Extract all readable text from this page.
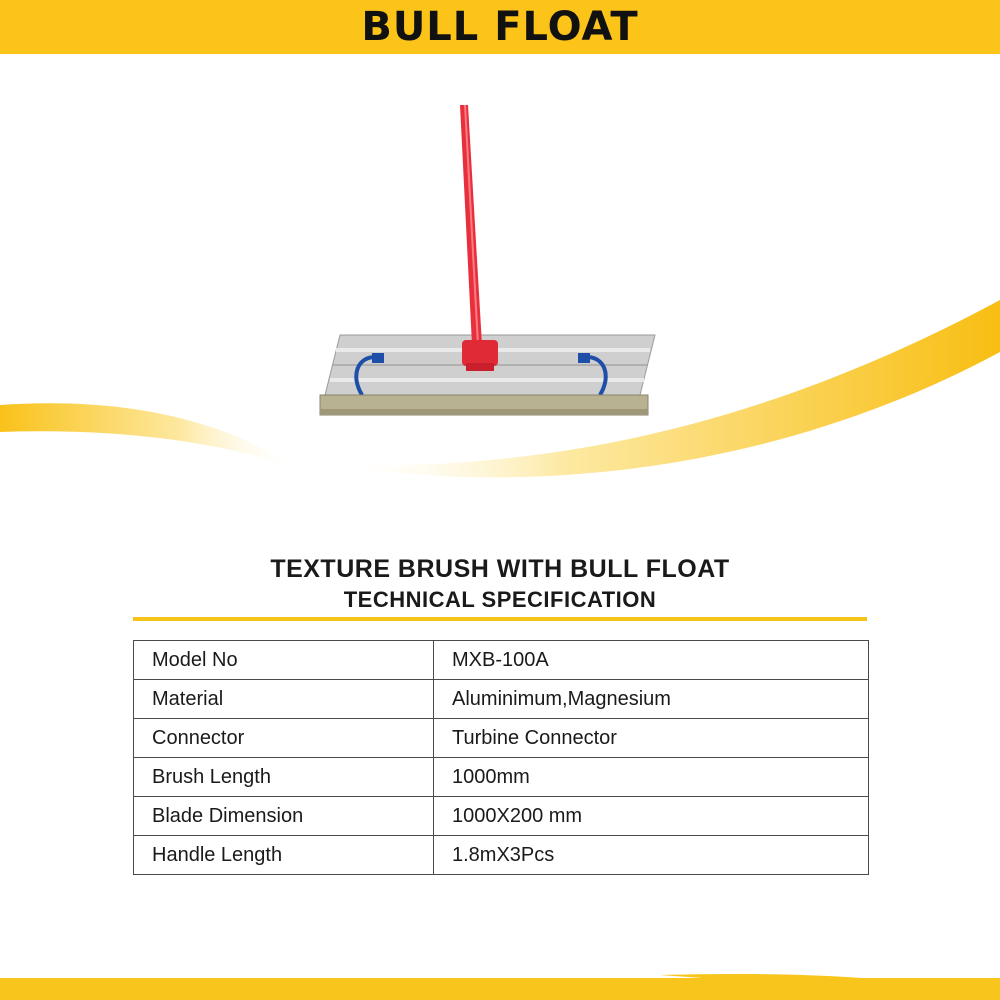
BULL FLOAT
TEXTURE BRUSH WITH BULL FLOAT
TECHNICAL SPECIFICATION
Model No	MXB-100A
Material	Aluminimum,Magnesium
Connector	Turbine Connector
Brush Length	1000mm
Blade Dimension	1000X200 mm
Handle Length	1.8mX3Pcs
